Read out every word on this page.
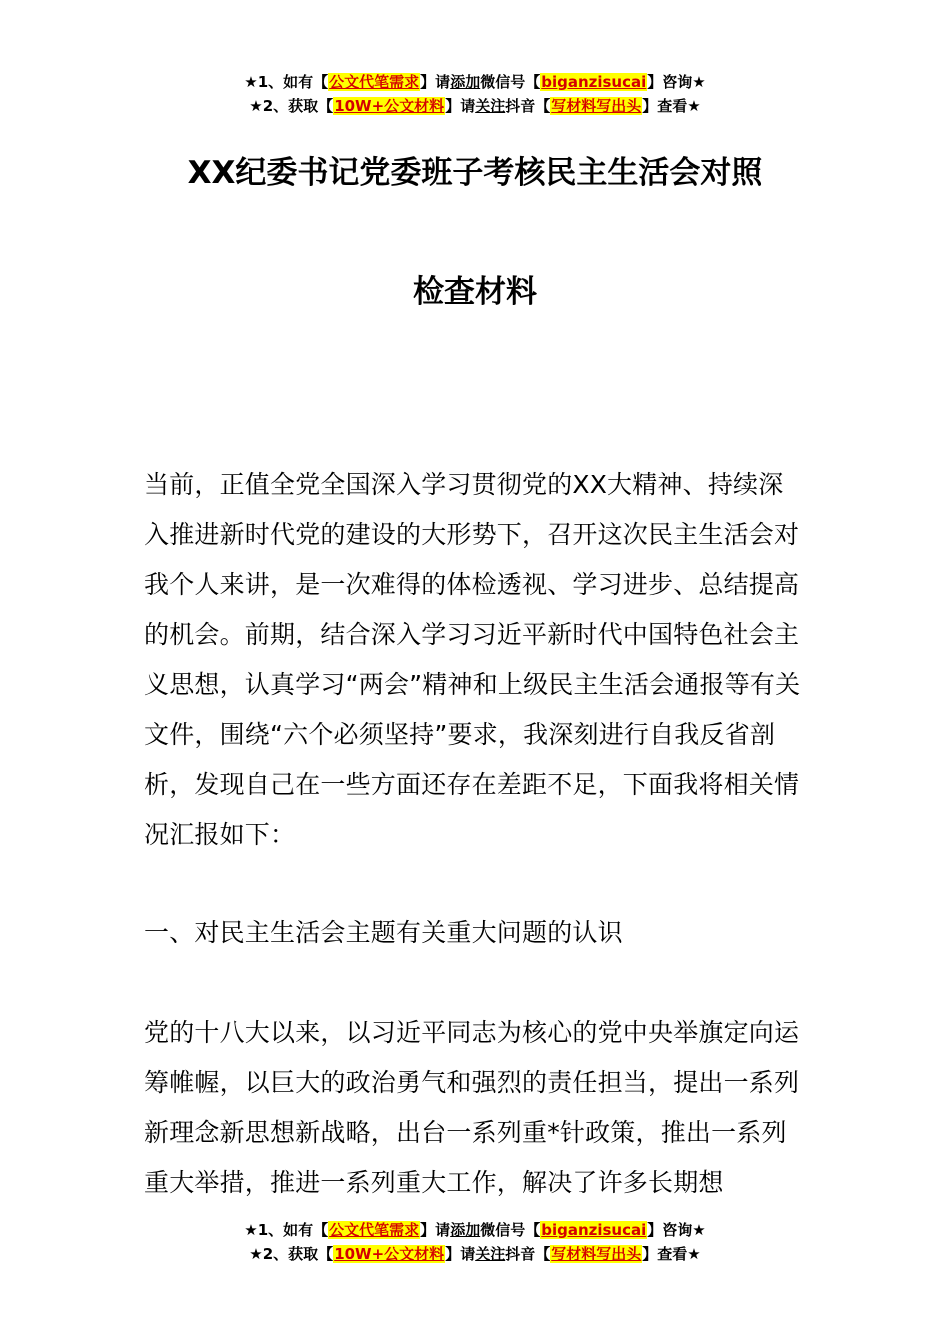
★1、如有【公文代笔需求】请添加微信号【biganzisucai】咨询★
★2、获取【10W+公文材料】请关注抖音【写材料写出头】查看★
XX纪委书记党委班子考核民主生活会对照
检查材料

当前，正值全党全国深入学习贯彻党的XX大精神、持续深入推进新时代党的建设的大形势下，召开这次民主生活会对我个人来讲，是一次难得的体检透视、学习进步、总结提高的机会。前期，结合深入学习习近平新时代中国特色社会主义思想，认真学习“两会”精神和上级民主生活会通报等有关文件，围绕“六个必须坚持”要求，我深刻进行自我反省剖析，发现自己在一些方面还存在差距不足，下面我将相关情况汇报如下：

一、对民主生活会主题有关重大问题的认识

党的十八大以来，以习近平同志为核心的党中央举旗定向运筹帷幄，以巨大的政治勇气和强烈的责任担当，提出一系列新理念新思想新战略，出台一系列重*针政策，推出一系列重大举措，推进一系列重大工作，解决了许多长期想

★1、如有【公文代笔需求】请添加微信号【biganzisucai】咨询★
★2、获取【10W+公文材料】请关注抖音【写材料写出头】查看★
